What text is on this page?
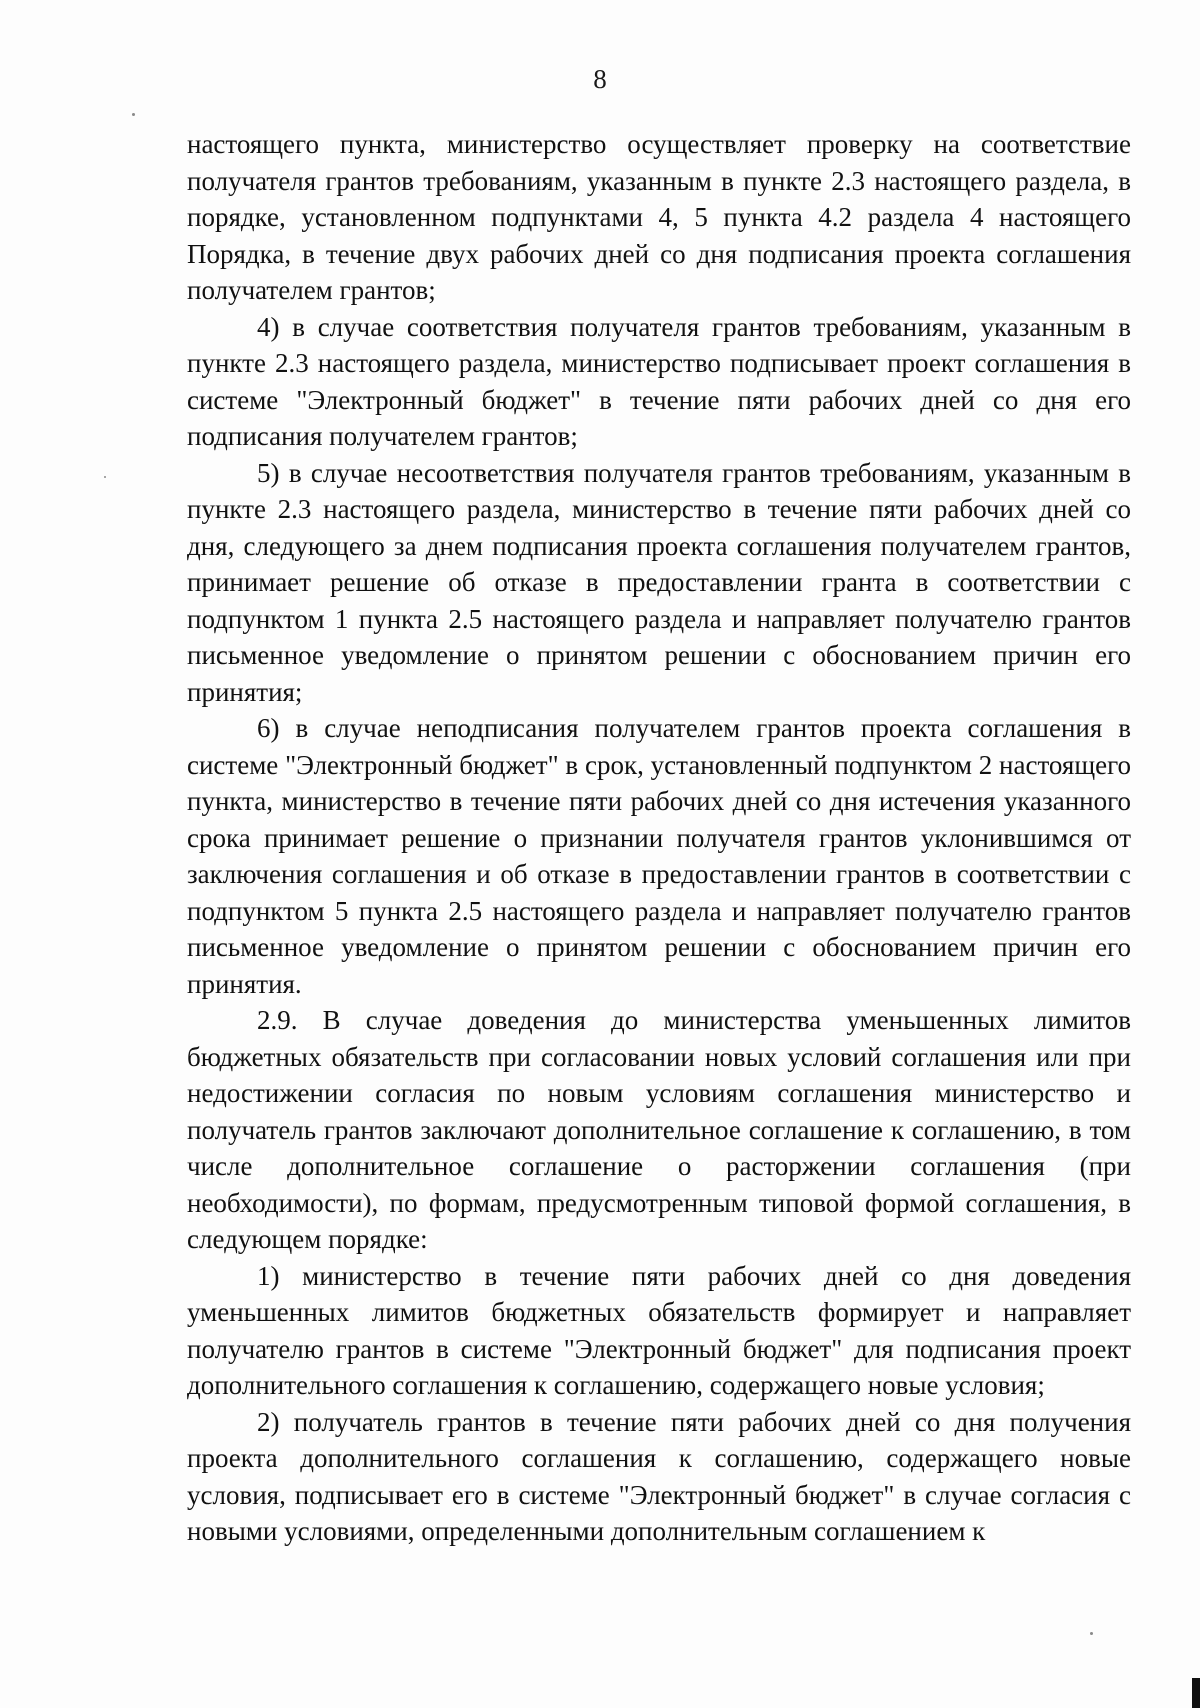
8

настоящего пункта, министерство осуществляет проверку на соответствие получателя грантов требованиям, указанным в пункте 2.3 настоящего раздела, в порядке, установленном подпунктами 4, 5 пункта 4.2 раздела 4 настоящего Порядка, в течение двух рабочих дней со дня подписания проекта соглашения получателем грантов;

4) в случае соответствия получателя грантов требованиям, указанным в пункте 2.3 настоящего раздела, министерство подписывает проект соглашения в системе "Электронный бюджет" в течение пяти рабочих дней со дня его подписания получателем грантов;

5) в случае несоответствия получателя грантов требованиям, указанным в пункте 2.3 настоящего раздела, министерство в течение пяти рабочих дней со дня, следующего за днем подписания проекта соглашения получателем грантов, принимает решение об отказе в предоставлении гранта в соответствии с подпунктом 1 пункта 2.5 настоящего раздела и направляет получателю грантов письменное уведомление о принятом решении с обоснованием причин его принятия;

6) в случае неподписания получателем грантов проекта соглашения в системе "Электронный бюджет" в срок, установленный подпунктом 2 настоящего пункта, министерство в течение пяти рабочих дней со дня истечения указанного срока принимает решение о признании получателя грантов уклонившимся от заключения соглашения и об отказе в предоставлении грантов в соответствии с подпунктом 5 пункта 2.5 настоящего раздела и направляет получателю грантов письменное уведомление о принятом решении с обоснованием причин его принятия.

2.9. В случае доведения до министерства уменьшенных лимитов бюджетных обязательств при согласовании новых условий соглашения или при недостижении согласия по новым условиям соглашения министерство и получатель грантов заключают дополнительное соглашение к соглашению, в том числе дополнительное соглашение о расторжении соглашения (при необходимости), по формам, предусмотренным типовой формой соглашения, в следующем порядке:

1) министерство в течение пяти рабочих дней со дня доведения уменьшенных лимитов бюджетных обязательств формирует и направляет получателю грантов в системе "Электронный бюджет" для подписания проект дополнительного соглашения к соглашению, содержащего новые условия;

2) получатель грантов в течение пяти рабочих дней со дня получения проекта дополнительного соглашения к соглашению, содержащего новые условия, подписывает его в системе "Электронный бюджет" в случае согласия с новыми условиями, определенными дополнительным соглашением к
